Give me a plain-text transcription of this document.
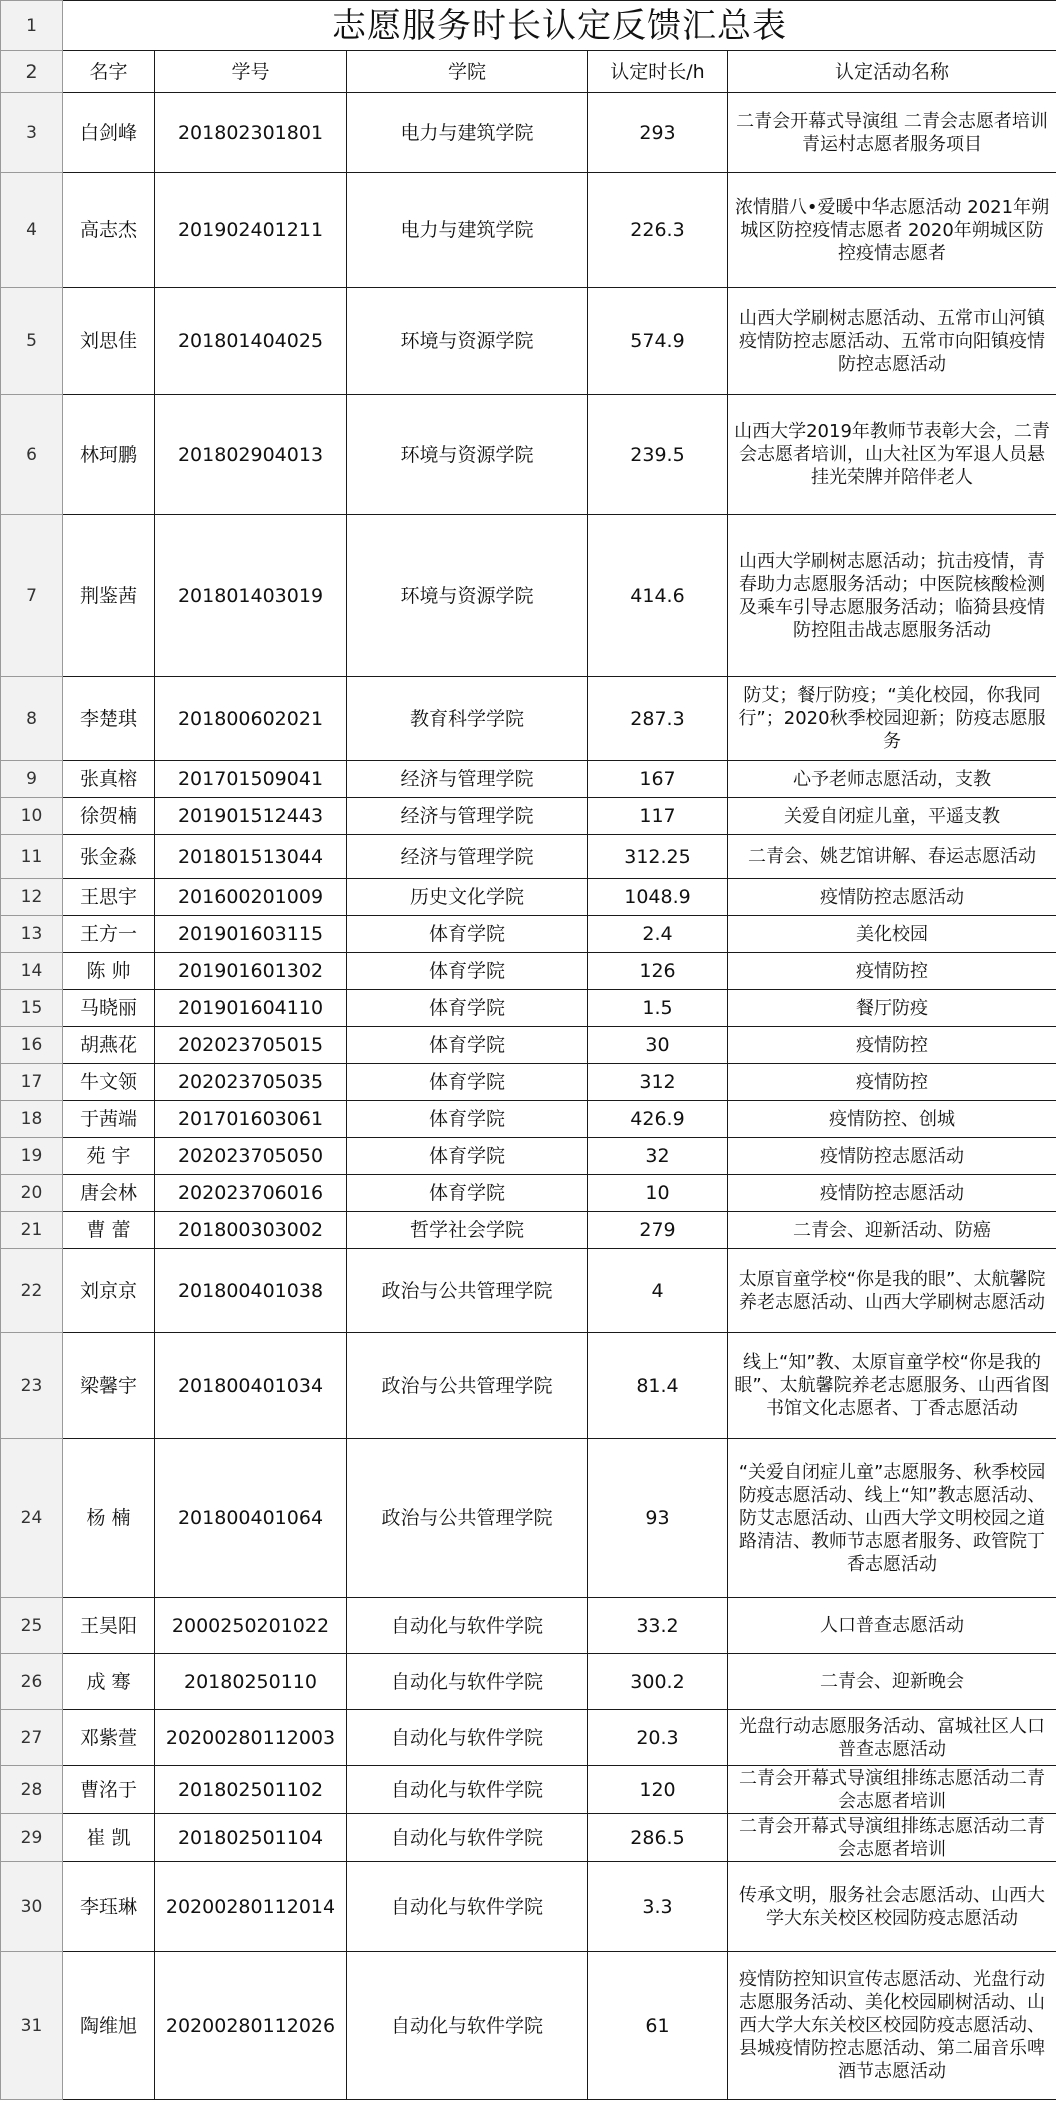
1	志愿服务时长认定反馈汇总表				
2	名字	学号	学院	认定时长/h	认定活动名称
3	白剑峰	201802301801	电力与建筑学院	293	二青会开幕式导演组 二青会志愿者培训 青运村志愿者服务项目
4	高志杰	201902401211	电力与建筑学院	226.3	浓情腊八•爱暖中华志愿活动 2021年朔城区防控疫情志愿者 2020年朔城区防控疫情志愿者
5	刘思佳	201801404025	环境与资源学院	574.9	山西大学刷树志愿活动、五常市山河镇疫情防控志愿活动、五常市向阳镇疫情防控志愿活动
6	林珂鹏	201802904013	环境与资源学院	239.5	山西大学2019年教师节表彰大会，二青会志愿者培训，山大社区为军退人员悬挂光荣牌并陪伴老人
7	荆鉴茜	201801403019	环境与资源学院	414.6	山西大学刷树志愿活动；抗击疫情，青春助力志愿服务活动；中医院核酸检测及乘车引导志愿服务活动；临猗县疫情防控阻击战志愿服务活动
8	李楚琪	201800602021	教育科学学院	287.3	防艾；餐厅防疫；“美化校园，你我同行”；2020秋季校园迎新；防疫志愿服务
9	张真榕	201701509041	经济与管理学院	167	心予老师志愿活动，支教
10	徐贺楠	201901512443	经济与管理学院	117	关爱自闭症儿童，平遥支教
11	张金淼	201801513044	经济与管理学院	312.25	二青会、姚艺馆讲解、春运志愿活动
12	王思宇	201600201009	历史文化学院	1048.9	疫情防控志愿活动
13	王方一	201901603115	体育学院	2.4	美化校园
14	陈 帅	201901601302	体育学院	126	疫情防控
15	马晓丽	201901604110	体育学院	1.5	餐厅防疫
16	胡燕花	202023705015	体育学院	30	疫情防控
17	牛文领	202023705035	体育学院	312	疫情防控
18	于茜端	201701603061	体育学院	426.9	疫情防控、创城
19	苑 宇	202023705050	体育学院	32	疫情防控志愿活动
20	唐会林	202023706016	体育学院	10	疫情防控志愿活动
21	曹 蕾	201800303002	哲学社会学院	279	二青会、迎新活动、防癌
22	刘京京	201800401038	政治与公共管理学院	4	太原盲童学校“你是我的眼”、太航馨院养老志愿活动、山西大学刷树志愿活动
23	梁馨宇	201800401034	政治与公共管理学院	81.4	线上“知”教、太原盲童学校“你是我的眼”、太航馨院养老志愿服务、山西省图书馆文化志愿者、丁香志愿活动
24	杨 楠	201800401064	政治与公共管理学院	93	“关爱自闭症儿童”志愿服务、秋季校园防疫志愿活动、线上“知”教志愿活动、防艾志愿活动、山西大学文明校园之道路清洁、教师节志愿者服务、政管院丁香志愿活动
25	王昊阳	2000250201022	自动化与软件学院	33.2	人口普查志愿活动
26	成 骞	20180250110	自动化与软件学院	300.2	二青会、迎新晚会
27	邓紫萱	20200280112003	自动化与软件学院	20.3	光盘行动志愿服务活动、富城社区人口普查志愿活动
28	曹洺于	201802501102	自动化与软件学院	120	二青会开幕式导演组排练志愿活动二青会志愿者培训
29	崔 凯	201802501104	自动化与软件学院	286.5	二青会开幕式导演组排练志愿活动二青会志愿者培训
30	李珏琳	20200280112014	自动化与软件学院	3.3	传承文明，服务社会志愿活动、山西大学大东关校区校园防疫志愿活动
31	陶维旭	20200280112026	自动化与软件学院	61	疫情防控知识宣传志愿活动、光盘行动志愿服务活动、美化校园刷树活动、山西大学大东关校区校园防疫志愿活动、县城疫情防控志愿活动、第二届音乐啤酒节志愿活动
